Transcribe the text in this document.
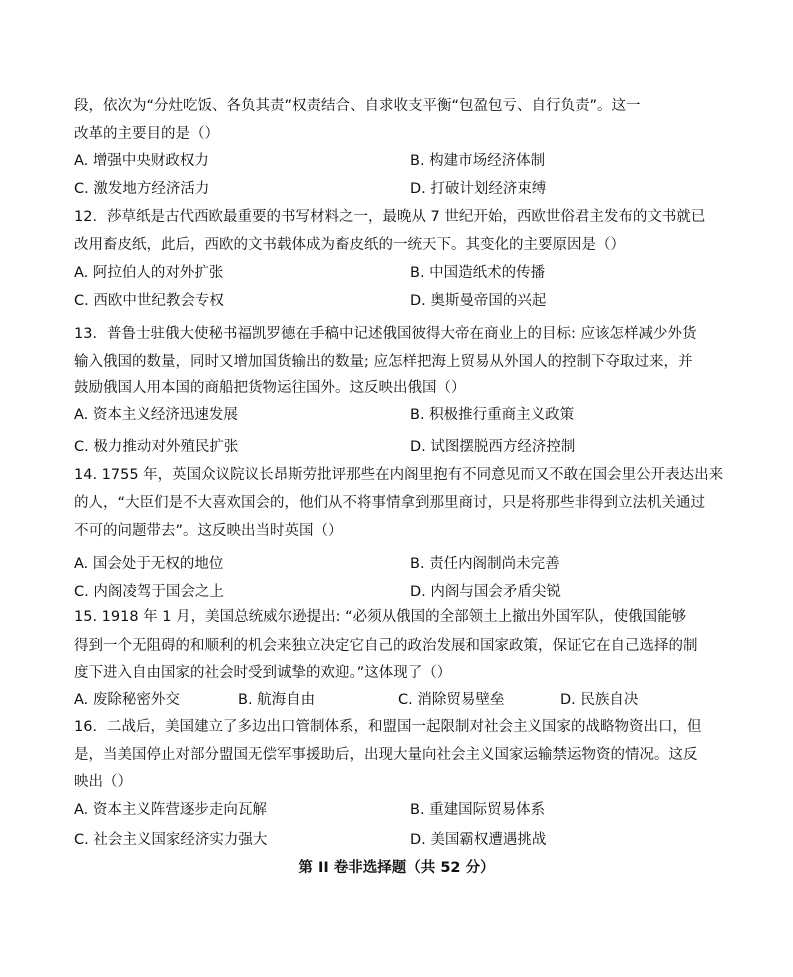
段，依次为“分灶吃饭、各负其责”权责结合、自求收支平衡“包盈包亏、自行负责”。这一
改革的主要目的是（）
A. 增强中央财政权力	B. 构建市场经济体制
C. 激发地方经济活力	D. 打破计划经济束缚
12．莎草纸是古代西欧最重要的书写材料之一，最晚从 7 世纪开始，西欧世俗君主发布的文书就已
改用畜皮纸，此后，西欧的文书载体成为畜皮纸的一统天下。其变化的主要原因是（）
A. 阿拉伯人的对外扩张	B. 中国造纸术的传播
C. 西欧中世纪教会专权	D. 奥斯曼帝国的兴起
13．普鲁士驻俄大使秘书福凯罗德在手稿中记述俄国彼得大帝在商业上的目标: 应该怎样减少外货
输入俄国的数量，同时又增加国货输出的数量; 应怎样把海上贸易从外国人的控制下夺取过来，并
鼓励俄国人用本国的商船把货物运往国外。这反映出俄国（）
A. 资本主义经济迅速发展	B. 积极推行重商主义政策
C. 极力推动对外殖民扩张	D. 试图摆脱西方经济控制
14. 1755 年，英国众议院议长昂斯劳批评那些在内阁里抱有不同意见而又不敢在国会里公开表达出来
的人，“大臣们是不大喜欢国会的，他们从不将事情拿到那里商讨，只是将那些非得到立法机关通过
不可的问题带去”。这反映出当时英国（）
A. 国会处于无权的地位	B. 责任内阁制尚未完善
C. 内阁凌驾于国会之上	D. 内阁与国会矛盾尖锐
15. 1918 年 1 月，美国总统威尔逊提出: “必须从俄国的全部领土上撤出外国军队，使俄国能够
得到一个无阻碍的和顺利的机会来独立决定它自己的政治发展和国家政策，保证它在自己选择的制
度下进入自由国家的社会时受到诚挚的欢迎。”这体现了（）
A. 废除秘密外交	B. 航海自由	C. 消除贸易壁垒	D. 民族自决
16．二战后，美国建立了多边出口管制体系，和盟国一起限制对社会主义国家的战略物资出口，但
是，当美国停止对部分盟国无偿军事援助后，出现大量向社会主义国家运输禁运物资的情况。这反
映出（）
A. 资本主义阵营逐步走向瓦解	B. 重建国际贸易体系
C. 社会主义国家经济实力强大	D. 美国霸权遭遇挑战
第 II 卷非选择题（共 52 分）
